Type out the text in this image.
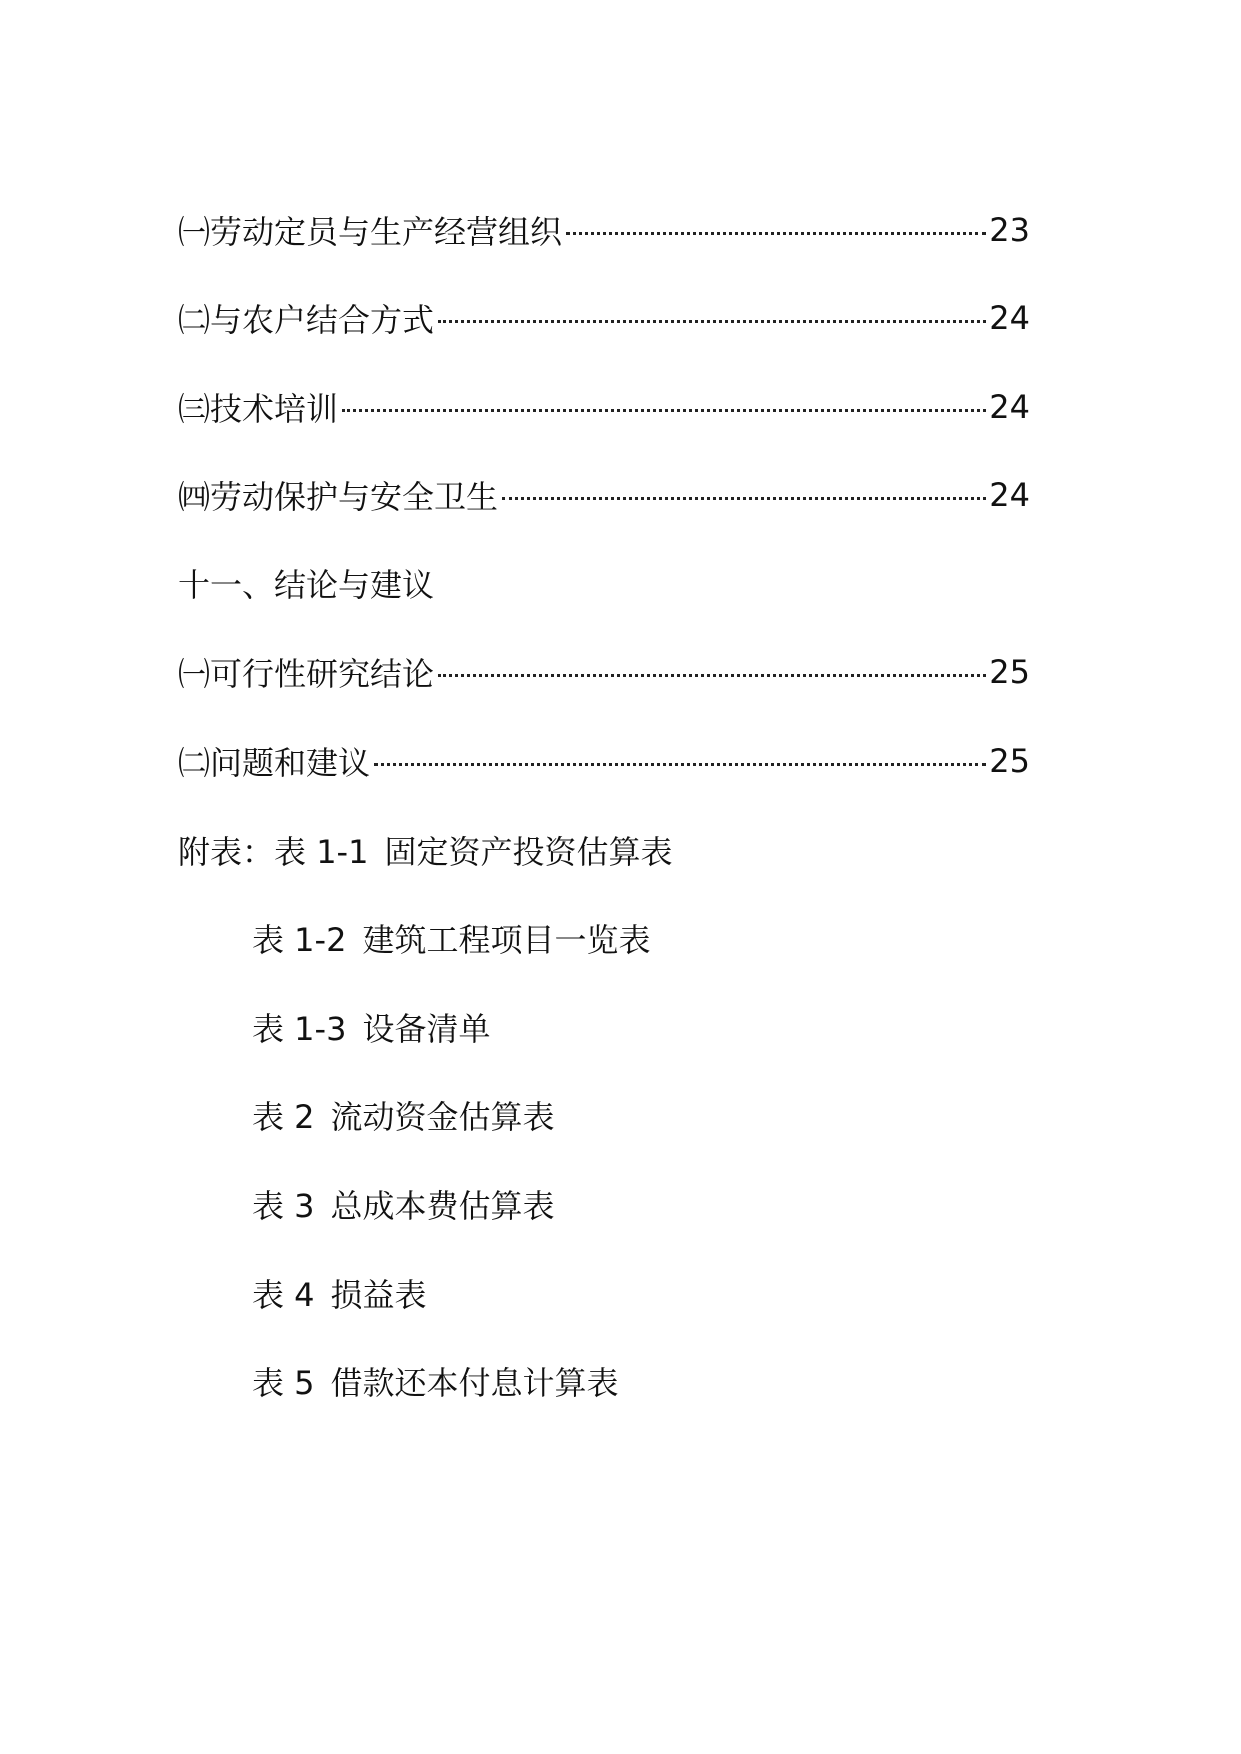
㈠劳动定员与生产经营组织	23
㈡与农户结合方式	24
㈢技术培训	24
㈣劳动保护与安全卫生	24
十一、结论与建议
㈠可行性研究结论	25
㈡问题和建议	25
附表： 表 1-1 固定资产投资估算表
表 1-2 建筑工程项目一览表
表 1-3 设备清单
表 2 流动资金估算表
表 3 总成本费估算表
表 4 损益表
表 5 借款还本付息计算表
